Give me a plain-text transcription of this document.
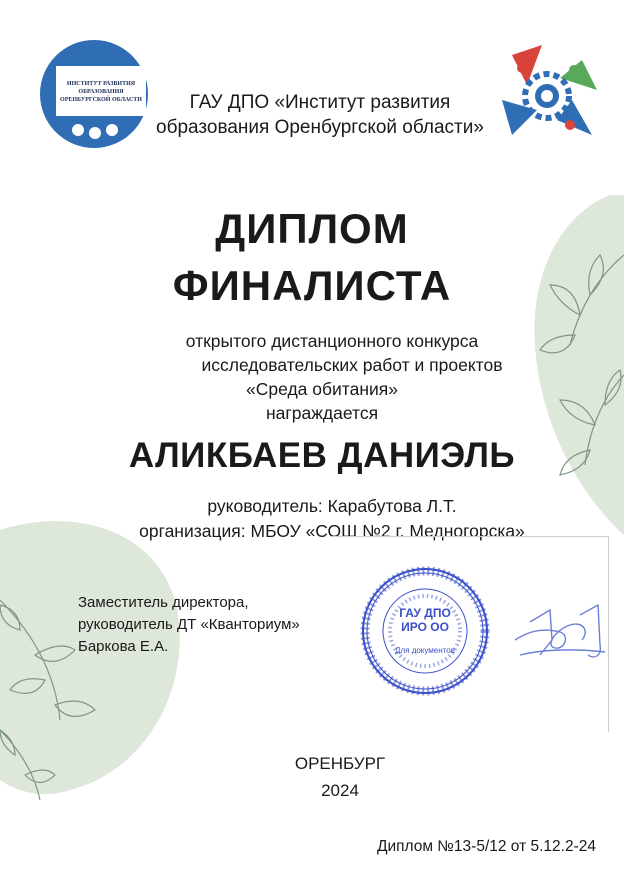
ИНСТИТУТ РАЗВИТИЯ
ОБРАЗОВАНИЯ
ОРЕНБУРГСКОЙ ОБЛАСТИ	ГАУ ДПО «Институт развития
образования Оренбургской области»
ДИПЛОМ
ФИНАЛИСТА
открытого дистанционного конкурса
исследовательских работ и проектов
«Среда обитания»
награждается
АЛИКБАЕВ ДАНИЭЛЬ
руководитель: Карабутова Л.Т.
организация: МБОУ «СОШ №2 г. Медногорска»
ГАУ ДПО
ИРО ОО
Для документов
Заместитель директора,
руководитель ДТ «Кванториум»
Баркова Е.А.
ОРЕНБУРГ
2024
Диплом №13-5/12 от 5.12.2-24
